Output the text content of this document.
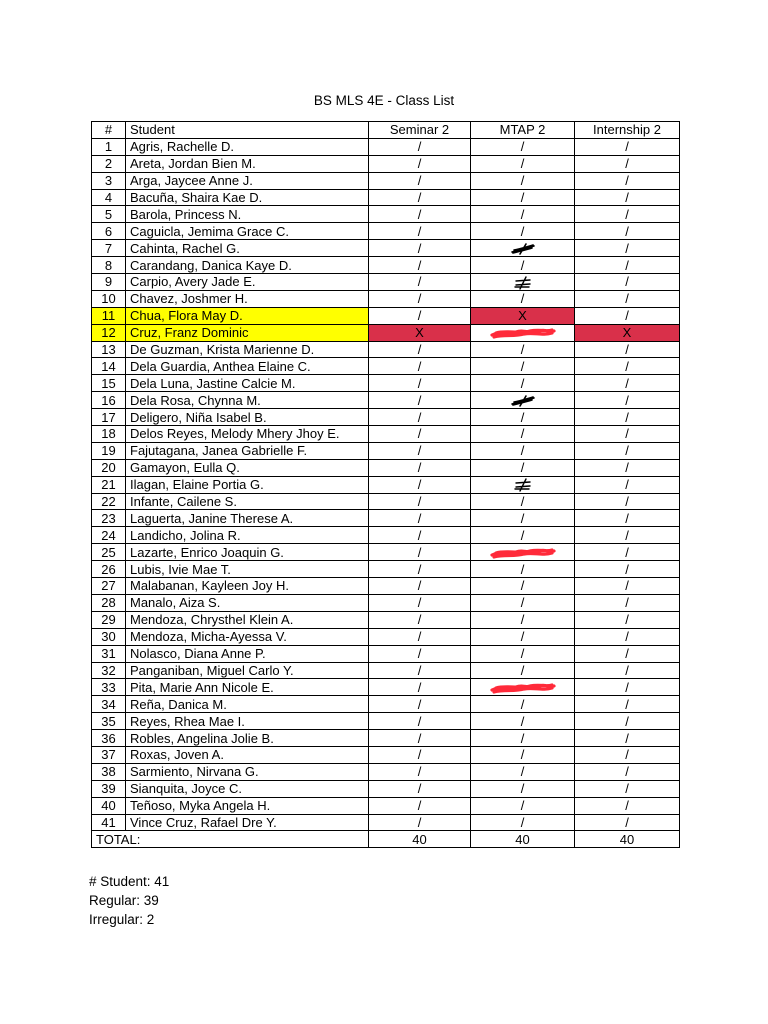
BS MLS 4E - Class List
#	Student	Seminar 2	MTAP 2	Internship 2
1	Agris, Rachelle D.	/	/	/
2	Areta, Jordan Bien M.	/	/	/
3	Arga, Jaycee Anne J.	/	/	/
4	Bacuña, Shaira Kae D.	/	/	/
5	Barola, Princess N.	/	/	/
6	Caguicla, Jemima Grace C.	/	/	/
7	Cahinta, Rachel G.	/		/
8	Carandang, Danica Kaye D.	/	/	/
9	Carpio, Avery Jade E.	/		/
10	Chavez, Joshmer H.	/	/	/
11	Chua, Flora May D.	/	X	/
12	Cruz, Franz Dominic	X		X
13	De Guzman, Krista Marienne D.	/	/	/
14	Dela Guardia, Anthea Elaine C.	/	/	/
15	Dela Luna, Jastine Calcie M.	/	/	/
16	Dela Rosa, Chynna M.	/		/
17	Deligero, Niña Isabel B.	/	/	/
18	Delos Reyes, Melody Mhery Jhoy E.	/	/	/
19	Fajutagana, Janea Gabrielle F.	/	/	/
20	Gamayon, Eulla Q.	/	/	/
21	Ilagan, Elaine Portia G.	/		/
22	Infante, Cailene S.	/	/	/
23	Laguerta, Janine Therese A.	/	/	/
24	Landicho, Jolina R.	/	/	/
25	Lazarte, Enrico Joaquin G.	/		/
26	Lubis, Ivie Mae T.	/	/	/
27	Malabanan, Kayleen Joy H.	/	/	/
28	Manalo, Aiza S.	/	/	/
29	Mendoza, Chrysthel Klein A.	/	/	/
30	Mendoza, Micha-Ayessa V.	/	/	/
31	Nolasco, Diana Anne P.	/	/	/
32	Panganiban, Miguel Carlo Y.	/	/	/
33	Pita, Marie Ann Nicole E.	/		/
34	Reña, Danica M.	/	/	/
35	Reyes, Rhea Mae I.	/	/	/
36	Robles, Angelina Jolie B.	/	/	/
37	Roxas, Joven A.	/	/	/
38	Sarmiento, Nirvana G.	/	/	/
39	Sianquita, Joyce C.	/	/	/
40	Teñoso, Myka Angela H.	/	/	/
41	Vince Cruz, Rafael Dre Y.	/	/	/
TOTAL:		40	40	40
# Student: 41
Regular: 39
Irregular: 2
